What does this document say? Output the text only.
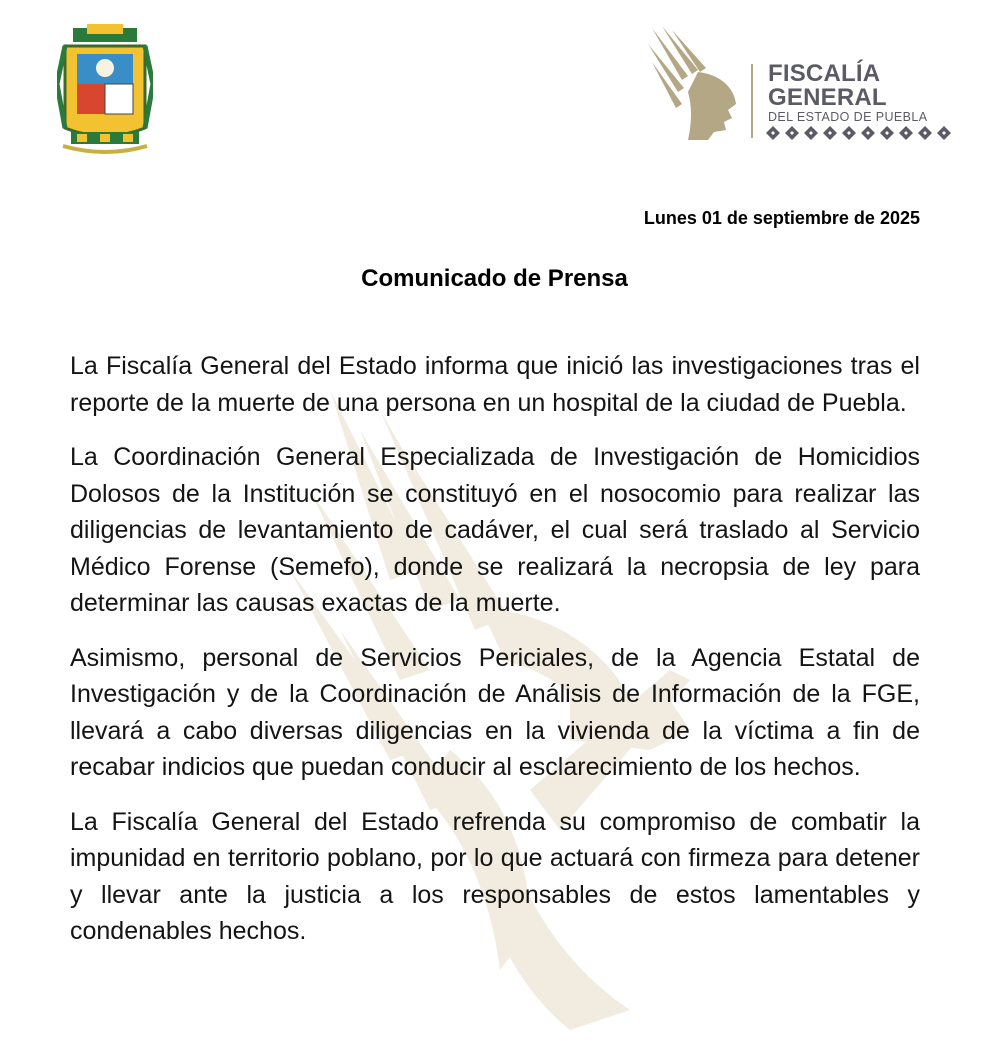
FISCALÍA
GENERAL
DEL ESTADO DE PUEBLA
Lunes 01 de septiembre de 2025
Comunicado de Prensa

La Fiscalía General del Estado informa que inició las investigaciones tras el reporte de la muerte de una persona en un hospital de la ciudad de Puebla.

La Coordinación General Especializada de Investigación de Homicidios Dolosos de la Institución se constituyó en el nosocomio para realizar las diligencias de levantamiento de cadáver, el cual será traslado al Servicio Médico Forense (Semefo), donde se realizará la necropsia de ley para determinar las causas exactas de la muerte.

Asimismo, personal de Servicios Periciales, de la Agencia Estatal de Investigación y de la Coordinación de Análisis de Información de la FGE, llevará a cabo diversas diligencias en la vivienda de la víctima a fin de recabar indicios que puedan conducir al esclarecimiento de los hechos.

La Fiscalía General del Estado refrenda su compromiso de combatir la impunidad en territorio poblano, por lo que actuará con firmeza para detener y llevar ante la justicia a los responsables de estos lamentables y condenables hechos.
